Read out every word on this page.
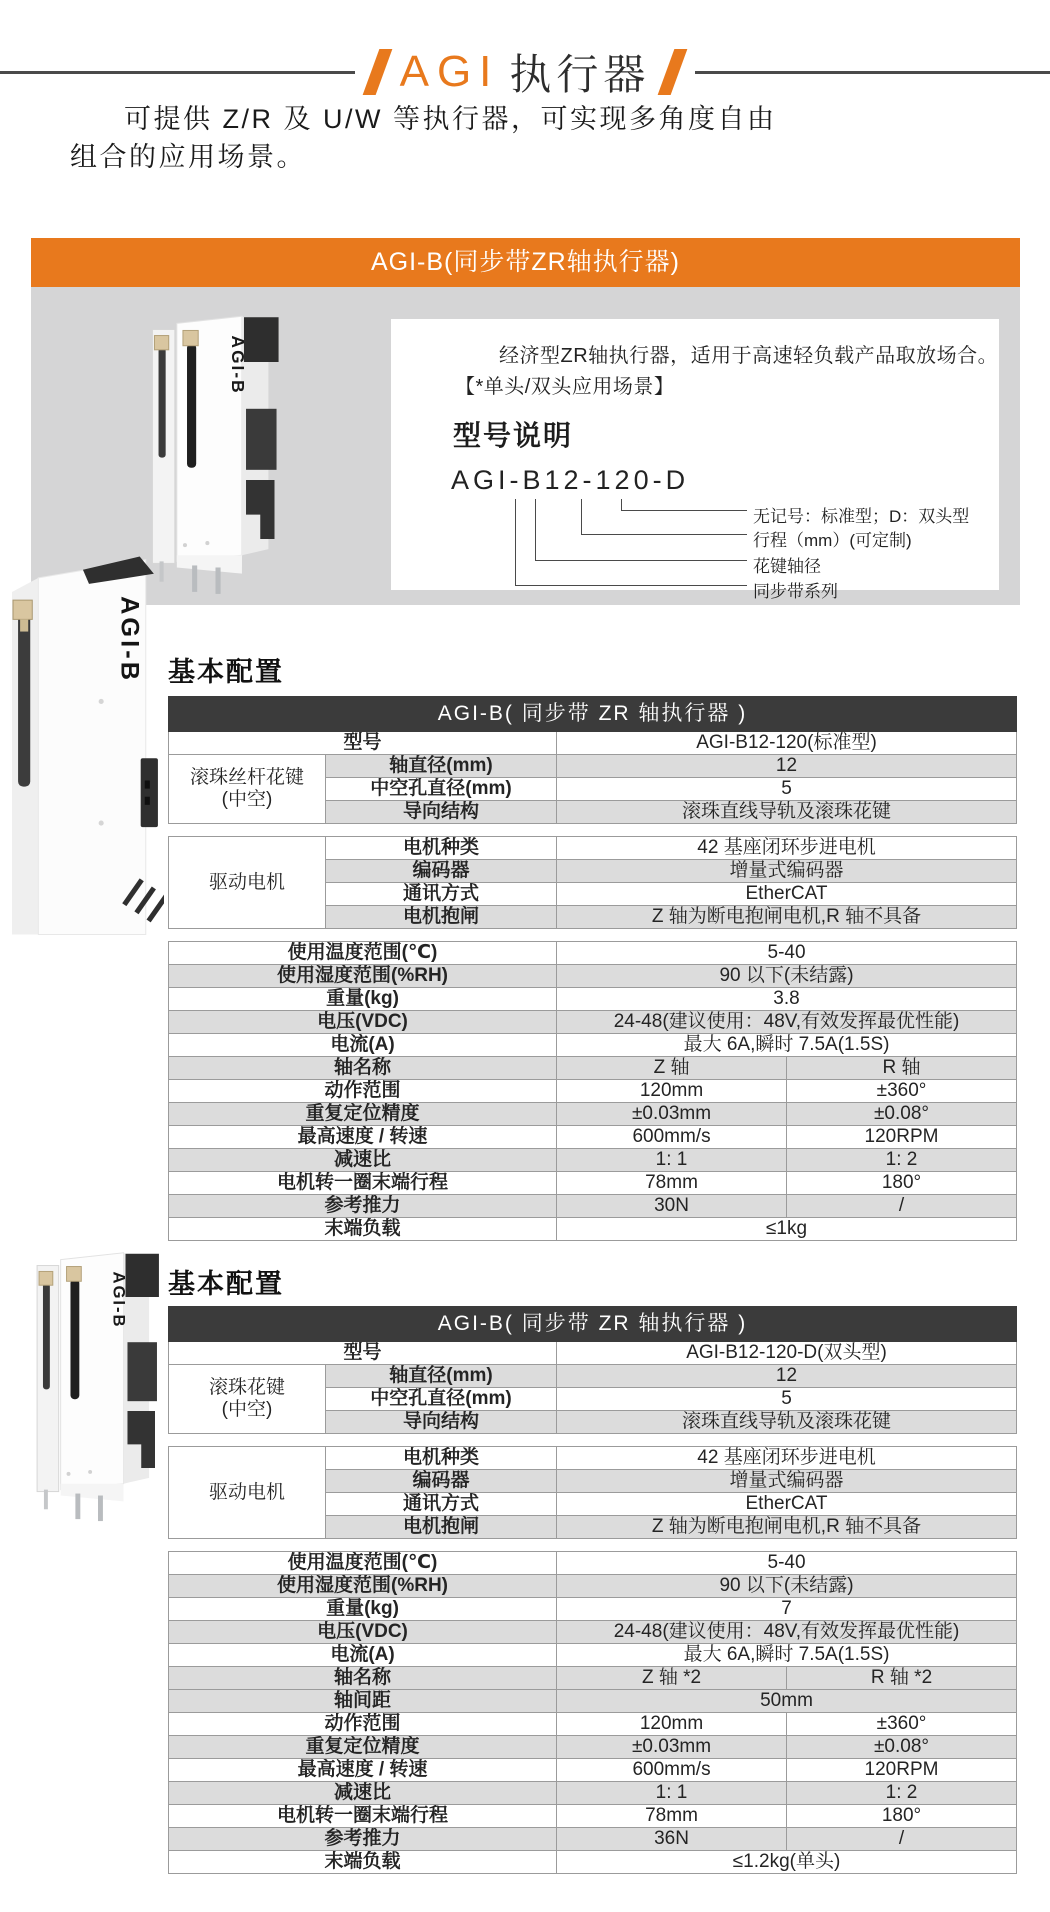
AGI 执行器
可提供 Z/R 及 U/W 等执行器，可实现多角度自由
组合的应用场景。
AGI-B(同步带ZR轴执行器)
AGI-B	经济型ZR轴执行器，适用于高速轻负载产品取放场合。
【*单头/双头应用场景】
型号说明
AGI-B12-120-D
无记号：标准型；D：双头型
行程（mm）(可定制)
花键轴径
同步带系列
基本配置
AGI-B
AGI-B( 同步带 ZR 轴执行器 )		
型号		AGI-B12-120(标准型)
滚珠丝杆花键
(中空)	轴直径(mm)	12
	中空孔直径(mm)	5
	导向结构	滚珠直线导轨及滚珠花键
驱动电机	电机种类	42 基座闭环步进电机
	编码器	增量式编码器
	通讯方式	EtherCAT
	电机抱闸	Z 轴为断电抱闸电机,R 轴不具备
使用温度范围(℃)	5-40	
使用湿度范围(%RH)	90 以下(未结露)	
重量(kg)	3.8	
电压(VDC)	24-48(建议使用：48V,有效发挥最优性能)	
电流(A)	最大 6A,瞬时 7.5A(1.5S)	
轴名称	Z 轴	R 轴
动作范围	120mm	±360°
重复定位精度	±0.03mm	±0.08°
最高速度 / 转速	600mm/s	120RPM
减速比	1: 1	1: 2
电机转一圈末端行程	78mm	180°
参考推力	30N	/
末端负载	≤1kg	
基本配置
AGI-B	AGI-B( 同步带 ZR 轴执行器 )		
型号		AGI-B12-120-D(双头型)
滚珠花键
(中空)	轴直径(mm)	12
	中空孔直径(mm)	5
	导向结构	滚珠直线导轨及滚珠花键
驱动电机	电机种类	42 基座闭环步进电机
	编码器	增量式编码器
	通讯方式	EtherCAT
	电机抱闸	Z 轴为断电抱闸电机,R 轴不具备
使用温度范围(℃)	5-40	
使用湿度范围(%RH)	90 以下(未结露)	
重量(kg)	7	
电压(VDC)	24-48(建议使用：48V,有效发挥最优性能)	
电流(A)	最大 6A,瞬时 7.5A(1.5S)	
轴名称	Z 轴 *2	R 轴 *2
轴间距	50mm	
动作范围	120mm	±360°
重复定位精度	±0.03mm	±0.08°
最高速度 / 转速	600mm/s	120RPM
减速比	1: 1	1: 2
电机转一圈末端行程	78mm	180°
参考推力	36N	/
末端负载	≤1.2kg(单头)	
